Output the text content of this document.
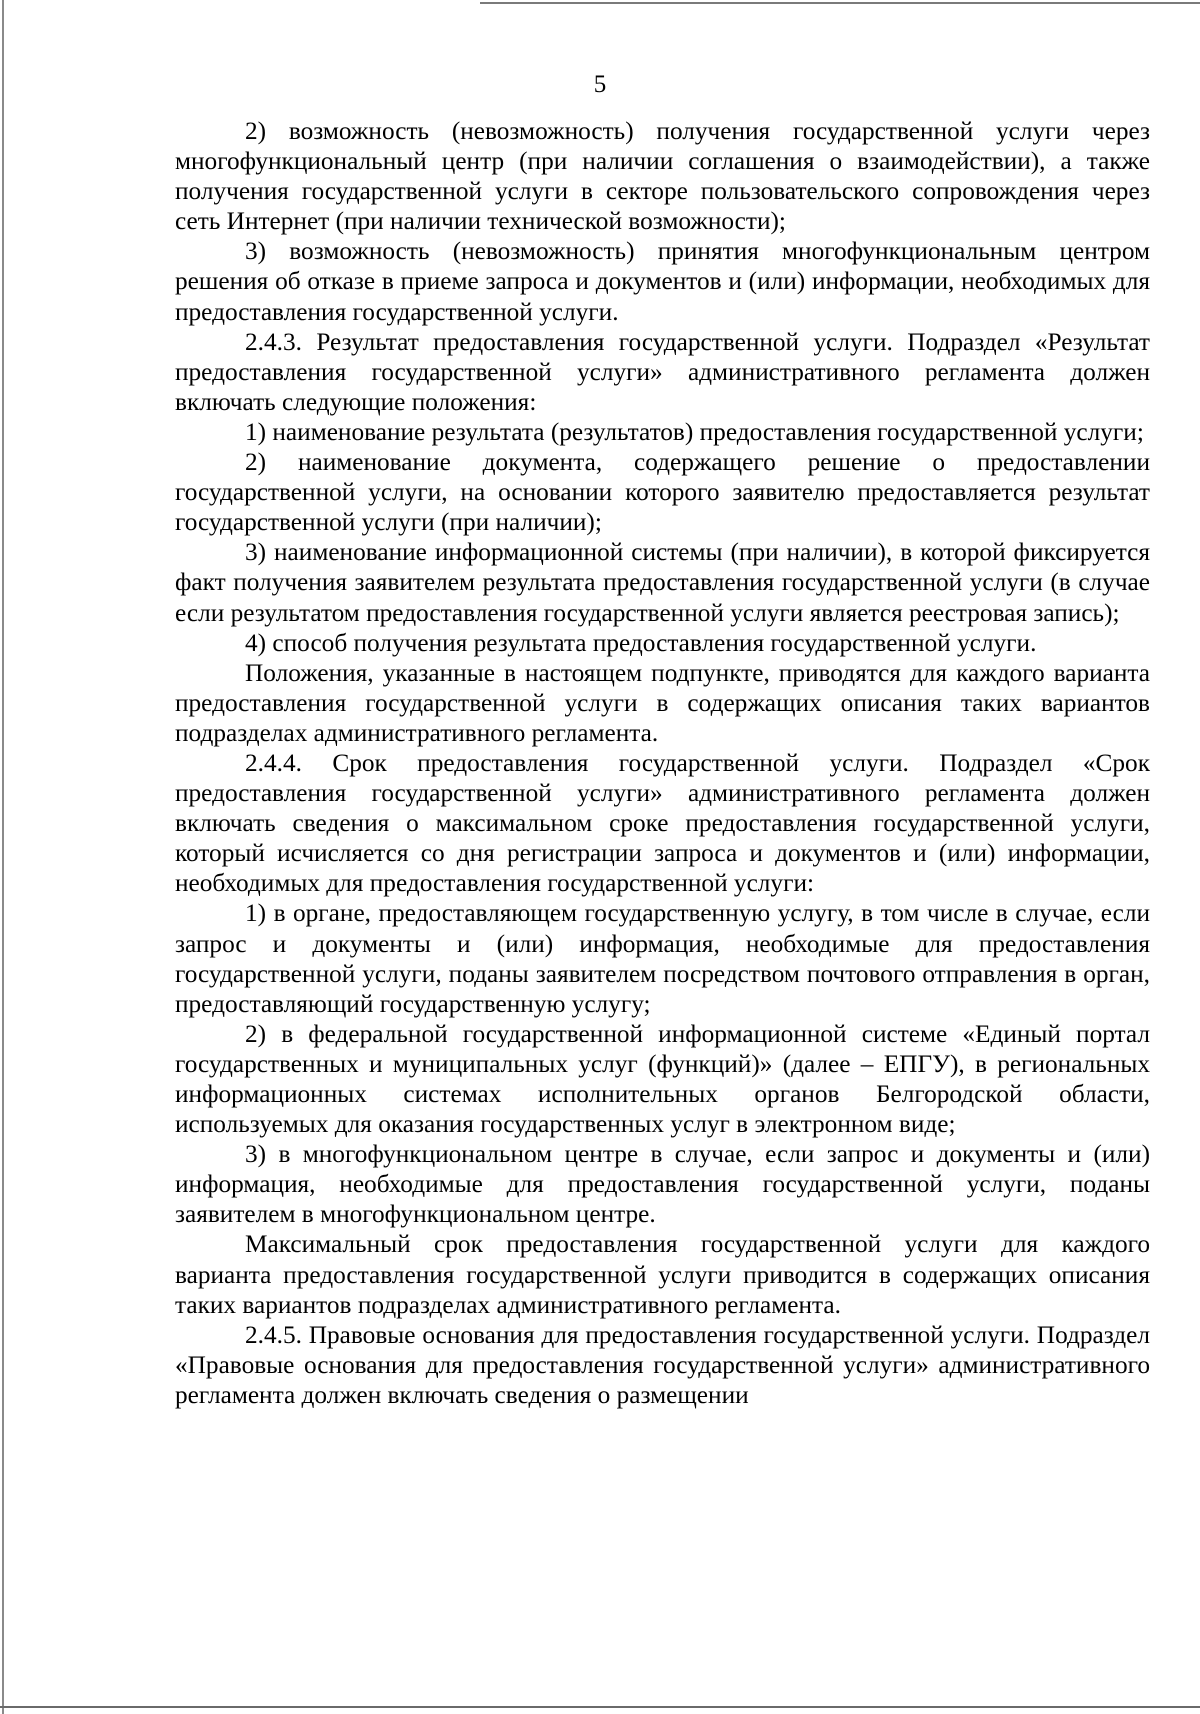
5

2) возможность (невозможность) получения государственной услуги через многофункциональный центр (при наличии соглашения о взаимодействии), а также получения государственной услуги в секторе пользовательского сопровождения через сеть Интернет (при наличии технической возможности);

3) возможность (невозможность) принятия многофункциональным центром решения об отказе в приеме запроса и документов и (или) информации, необходимых для предоставления государственной услуги.

2.4.3. Результат предоставления государственной услуги. Подраздел «Результат предоставления государственной услуги» административного регламента должен включать следующие положения:

1) наименование результата (результатов) предоставления государственной услуги;

2) наименование документа, содержащего решение о предоставлении государственной услуги, на основании которого заявителю предоставляется результат государственной услуги (при наличии);

3) наименование информационной системы (при наличии), в которой фиксируется факт получения заявителем результата предоставления государственной услуги (в случае если результатом предоставления государственной услуги является реестровая запись);

4) способ получения результата предоставления государственной услуги.

Положения, указанные в настоящем подпункте, приводятся для каждого варианта предоставления государственной услуги в содержащих описания таких вариантов подразделах административного регламента.

2.4.4. Срок предоставления государственной услуги. Подраздел «Срок предоставления государственной услуги» административного регламента должен включать сведения о максимальном сроке предоставления государственной услуги, который исчисляется со дня регистрации запроса и документов и (или) информации, необходимых для предоставления государственной услуги:

1) в органе, предоставляющем государственную услугу, в том числе в случае, если запрос и документы и (или) информация, необходимые для предоставления государственной услуги, поданы заявителем посредством почтового отправления в орган, предоставляющий государственную услугу;

2) в федеральной государственной информационной системе «Единый портал государственных и муниципальных услуг (функций)» (далее – ЕПГУ), в региональных информационных системах исполнительных органов Белгородской области, используемых для оказания государственных услуг в электронном виде;

3) в многофункциональном центре в случае, если запрос и документы и (или) информация, необходимые для предоставления государственной услуги, поданы заявителем в многофункциональном центре.

Максимальный срок предоставления государственной услуги для каждого варианта предоставления государственной услуги приводится в содержащих описания таких вариантов подразделах административного регламента.

2.4.5. Правовые основания для предоставления государственной услуги. Подраздел «Правовые основания для предоставления государственной услуги» административного регламента должен включать сведения о размещении
